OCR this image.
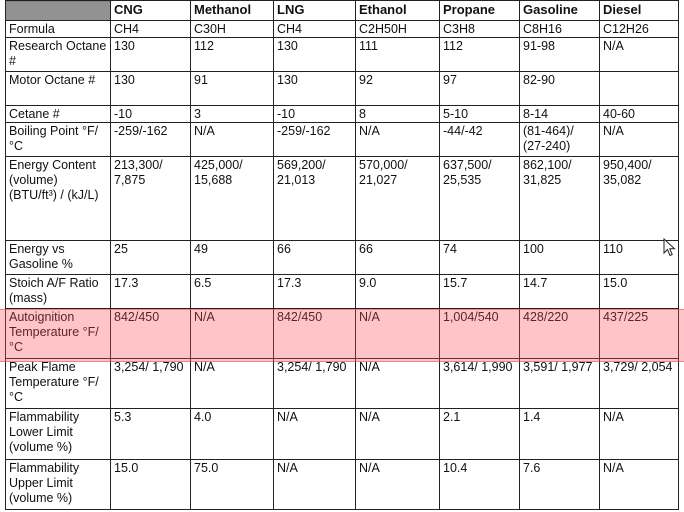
	CNG	Methanol	LNG	Ethanol	Propane	Gasoline	Diesel
Formula	CH4	C30H	CH4	C2H50H	C3H8	C8H16	C12H26
Research Octane #	130	112	130	111	112	91-98	N/A
Motor Octane #	130	91	130	92	97	82-90	
Cetane #	-10	3	-10	8	5-10	8-14	40-60
Boiling Point °F/°C	-259/-162	N/A	-259/-162	N/A	-44/-42	(81-464)/ (27-240)	N/A
Energy Content (volume) (BTU/ft³) / (kJ/L)	213,300/ 7,875	425,000/ 15,688	569,200/ 21,013	570,000/ 21,027	637,500/ 25,535	862,100/ 31,825	950,400/ 35,082
Energy vs Gasoline %	25	49	66	66	74	100	110
Stoich A/F Ratio (mass)	17.3	6.5	17.3	9.0	15.7	14.7	15.0
Autoignition Temperature °F/°C	842/450	N/A	842/450	N/A	1,004/540	428/220	437/225
Peak Flame Temperature °F/°C	3,254/ 1,790	N/A	3,254/ 1,790	N/A	3,614/ 1,990	3,591/ 1,977	3,729/ 2,054
Flammability Lower Limit (volume %)	5.3	4.0	N/A	N/A	2.1	1.4	N/A
Flammability Upper Limit (volume %)	15.0	75.0	N/A	N/A	10.4	7.6	N/A
